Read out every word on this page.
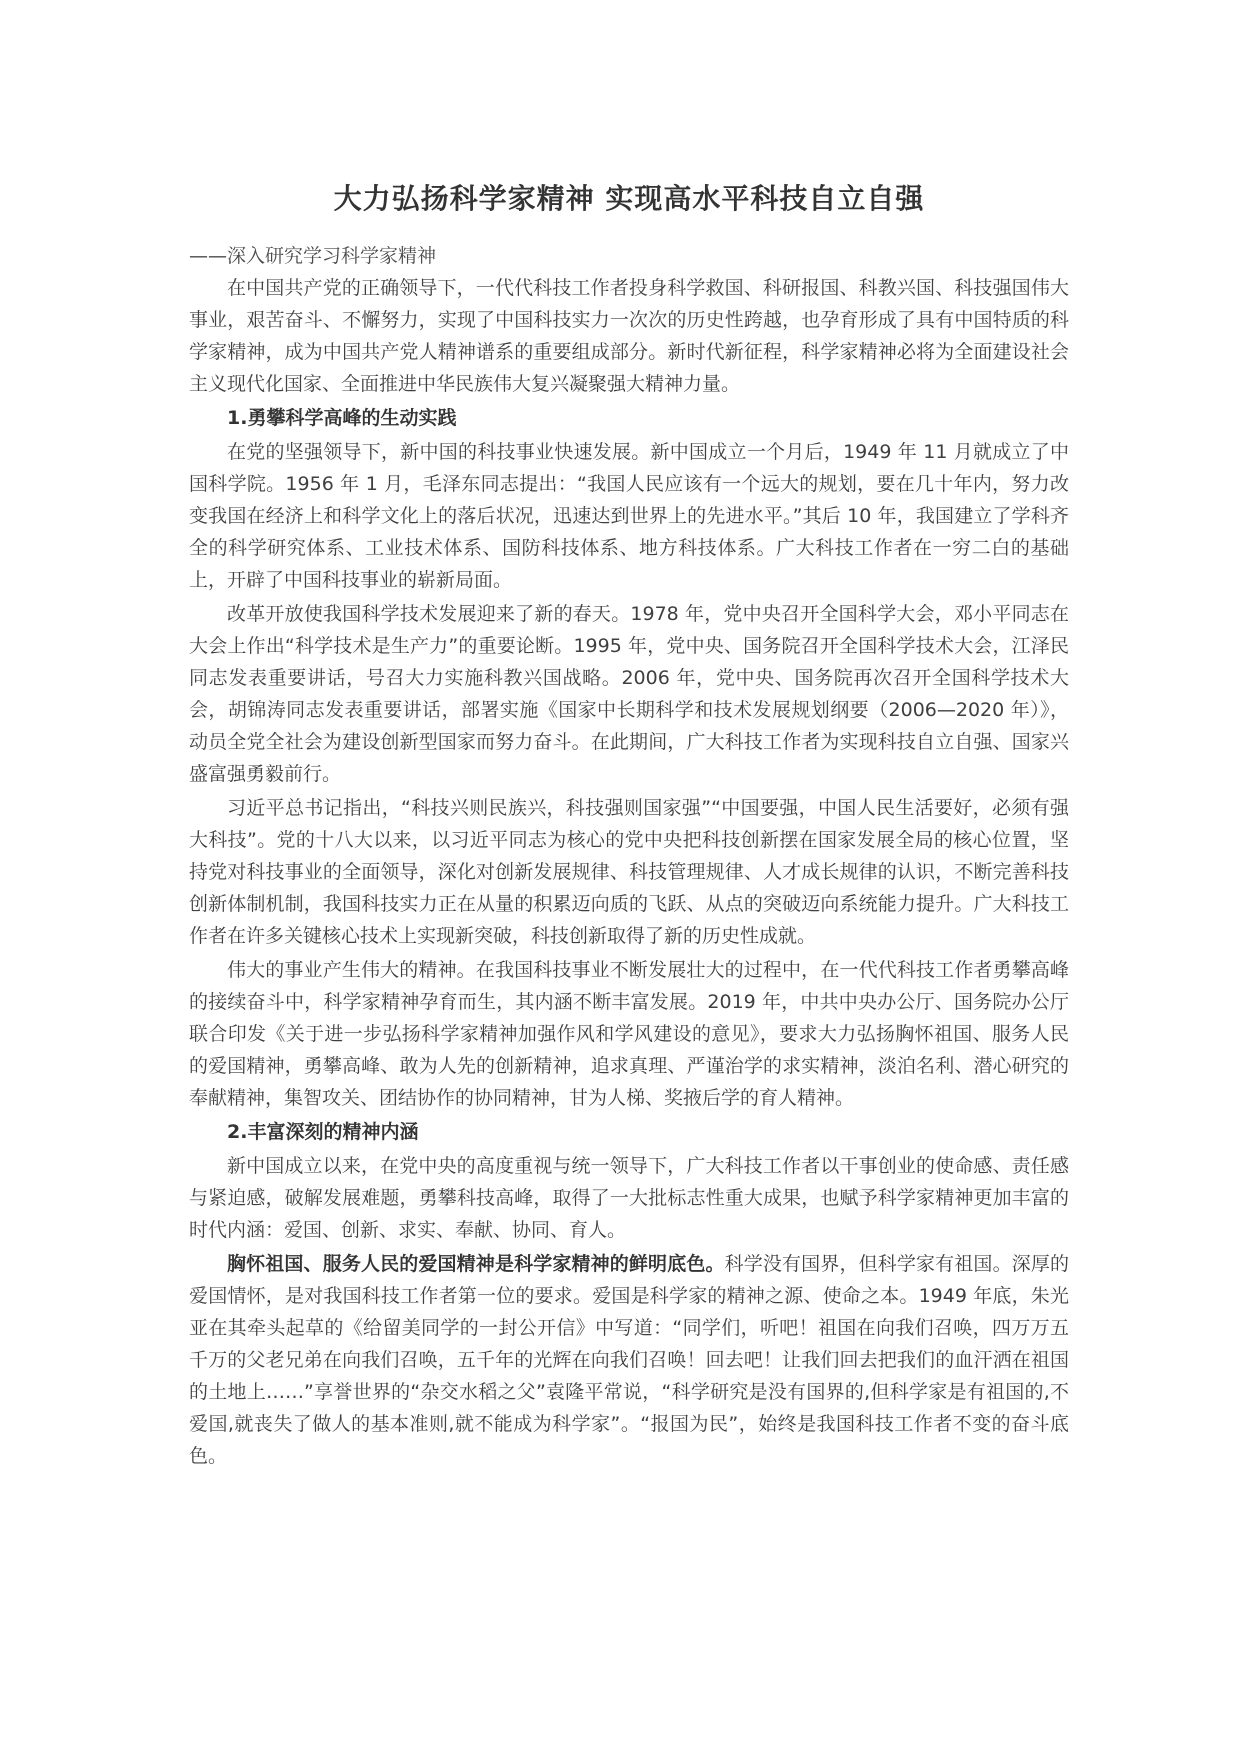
大力弘扬科学家精神 实现高水平科技自立自强

——深入研究学习科学家精神

在中国共产党的正确领导下，一代代科技工作者投身科学救国、科研报国、科教兴国、科技强国伟大事业，艰苦奋斗、不懈努力，实现了中国科技实力一次次的历史性跨越，也孕育形成了具有中国特质的科学家精神，成为中国共产党人精神谱系的重要组成部分。新时代新征程，科学家精神必将为全面建设社会主义现代化国家、全面推进中华民族伟大复兴凝聚强大精神力量。

1.勇攀科学高峰的生动实践

在党的坚强领导下，新中国的科技事业快速发展。新中国成立一个月后，1949 年 11 月就成立了中国科学院。1956 年 1 月，毛泽东同志提出：“我国人民应该有一个远大的规划，要在几十年内，努力改变我国在经济上和科学文化上的落后状况，迅速达到世界上的先进水平。”其后 10 年，我国建立了学科齐全的科学研究体系、工业技术体系、国防科技体系、地方科技体系。广大科技工作者在一穷二白的基础上，开辟了中国科技事业的崭新局面。

改革开放使我国科学技术发展迎来了新的春天。1978 年，党中央召开全国科学大会，邓小平同志在大会上作出“科学技术是生产力”的重要论断。1995 年，党中央、国务院召开全国科学技术大会，江泽民同志发表重要讲话，号召大力实施科教兴国战略。2006 年，党中央、国务院再次召开全国科学技术大会，胡锦涛同志发表重要讲话，部署实施《国家中长期科学和技术发展规划纲要（2006—2020 年）》，动员全党全社会为建设创新型国家而努力奋斗。在此期间，广大科技工作者为实现科技自立自强、国家兴盛富强勇毅前行。

习近平总书记指出，“科技兴则民族兴，科技强则国家强”“中国要强，中国人民生活要好，必须有强大科技”。党的十八大以来，以习近平同志为核心的党中央把科技创新摆在国家发展全局的核心位置，坚持党对科技事业的全面领导，深化对创新发展规律、科技管理规律、人才成长规律的认识，不断完善科技创新体制机制，我国科技实力正在从量的积累迈向质的飞跃、从点的突破迈向系统能力提升。广大科技工作者在许多关键核心技术上实现新突破，科技创新取得了新的历史性成就。

伟大的事业产生伟大的精神。在我国科技事业不断发展壮大的过程中，在一代代科技工作者勇攀高峰的接续奋斗中，科学家精神孕育而生，其内涵不断丰富发展。2019 年，中共中央办公厅、国务院办公厅联合印发《关于进一步弘扬科学家精神加强作风和学风建设的意见》，要求大力弘扬胸怀祖国、服务人民的爱国精神，勇攀高峰、敢为人先的创新精神，追求真理、严谨治学的求实精神，淡泊名利、潜心研究的奉献精神，集智攻关、团结协作的协同精神，甘为人梯、奖掖后学的育人精神。

2.丰富深刻的精神内涵

新中国成立以来，在党中央的高度重视与统一领导下，广大科技工作者以干事创业的使命感、责任感与紧迫感，破解发展难题，勇攀科技高峰，取得了一大批标志性重大成果，也赋予科学家精神更加丰富的时代内涵：爱国、创新、求实、奉献、协同、育人。

胸怀祖国、服务人民的爱国精神是科学家精神的鲜明底色。科学没有国界，但科学家有祖国。深厚的爱国情怀，是对我国科技工作者第一位的要求。爱国是科学家的精神之源、使命之本。1949 年底，朱光亚在其牵头起草的《给留美同学的一封公开信》中写道：“同学们，听吧！祖国在向我们召唤，四万万五千万的父老兄弟在向我们召唤，五千年的光辉在向我们召唤！回去吧！让我们回去把我们的血汗洒在祖国的土地上……”享誉世界的“杂交水稻之父”袁隆平常说，“科学研究是没有国界的,但科学家是有祖国的,不爱国,就丧失了做人的基本准则,就不能成为科学家”。“报国为民”，始终是我国科技工作者不变的奋斗底色。
